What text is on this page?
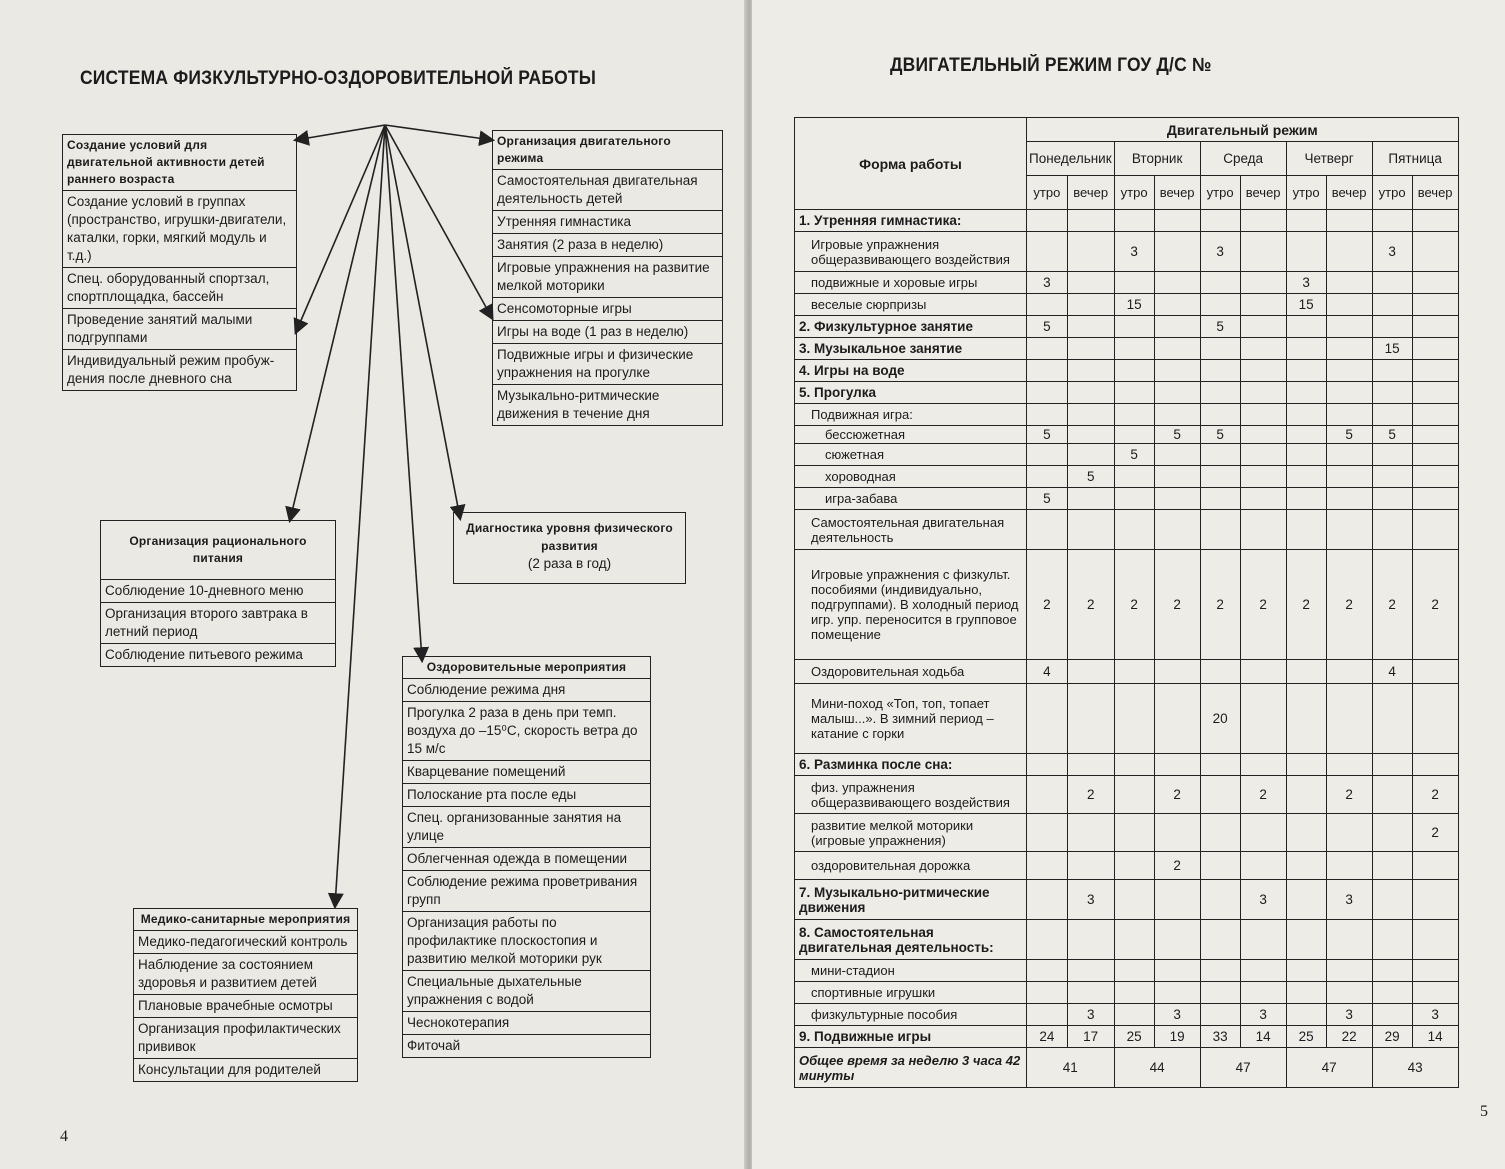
СИСТЕМА ФИЗКУЛЬТУРНО-ОЗДОРОВИТЕЛЬНОЙ РАБОТЫ
Создание условий для двигательной активности детей раннего возраста
Создание условий в группах (пространство, игрушки-двигатели, каталки, горки, мягкий модуль и т.д.)
Спец. оборудованный спортзал, спортплощадка, бассейн
Проведение занятий малыми подгруппами
Индивидуальный режим пробуж-дения после дневного сна
Организация двигательного режима
Самостоятельная двигательная деятельность детей
Утренняя гимнастика
Занятия (2 раза в неделю)
Игровые упражнения на развитие мелкой моторики
Сенсомоторные игры
Игры на воде (1 раз в неделю)
Подвижные игры и физические упражнения на прогулке
Музыкально-ритмические движения в течение дня
Организация рационального питания
Соблюдение 10-дневного меню
Организация второго завтрака в летний период
Соблюдение питьевого режима
Диагностика уровня физического развития
(2 раза в год)
Оздоровительные мероприятия
Соблюдение режима дня
Прогулка 2 раза в день при темп. воздуха до –15⁰С, скорость ветра до 15 м/с
Кварцевание помещений
Полоскание рта после еды
Спец. организованные занятия на улице
Облегченная одежда в помещении
Соблюдение режима проветривания групп
Организация работы по профилактике плоскостопия и развитию мелкой моторики рук
Специальные дыхательные упражнения с водой
Чеснокотерапия
Фиточай
Медико-санитарные мероприятия
Медико-педагогический контроль
Наблюдение за состоянием здоровья и развитием детей
Плановые врачебные осмотры
Организация профилактических прививок
Консультации для родителей
4
ДВИГАТЕЛЬНЫЙ РЕЖИМ ГОУ Д/С №
5
Форма работы	Двигательный режим									
	Понедельник		Вторник		Среда		Четверг		Пятница	
	утро	вечер	утро	вечер	утро	вечер	утро	вечер	утро	вечер
1. Утренняя гимнастика:										
Игровые упражнения общеразвивающего воздействия			3		3				3	
подвижные и хоровые игры	3						3			
веселые сюрпризы			15				15			
2. Физкультурное занятие	5				5					
3. Музыкальное занятие									15	
4. Игры на воде										
5. Прогулка										
Подвижная игра:										
бессюжетная	5			5	5			5	5	
сюжетная			5							
хороводная		5								
игра-забава	5									
Самостоятельная двигательная деятельность										
Игровые упражнения с физкульт. пособиями (индивидуально, подгруппами). В холодный период игр. упр. переносится в групповое помещение	2	2	2	2	2	2	2	2	2	2
Оздоровительная ходьба	4								4	
Мини-поход «Топ, топ, топает малыш...». В зимний период – катание с горки					20					
6. Разминка после сна:										
физ. упражнения общеразвивающего воздействия		2		2		2		2		2
развитие мелкой моторики (игровые упражнения)										2
оздоровительная дорожка				2						
7. Музыкально-ритмические движения		3				3		3		
8. Самостоятельная двигательная деятельность:										
мини-стадион										
спортивные игрушки										
физкультурные пособия		3		3		3		3		3
9. Подвижные игры	24	17	25	19	33	14	25	22	29	14
Общее время за неделю 3 часа 42 минуты	41		44		47		47		43	
